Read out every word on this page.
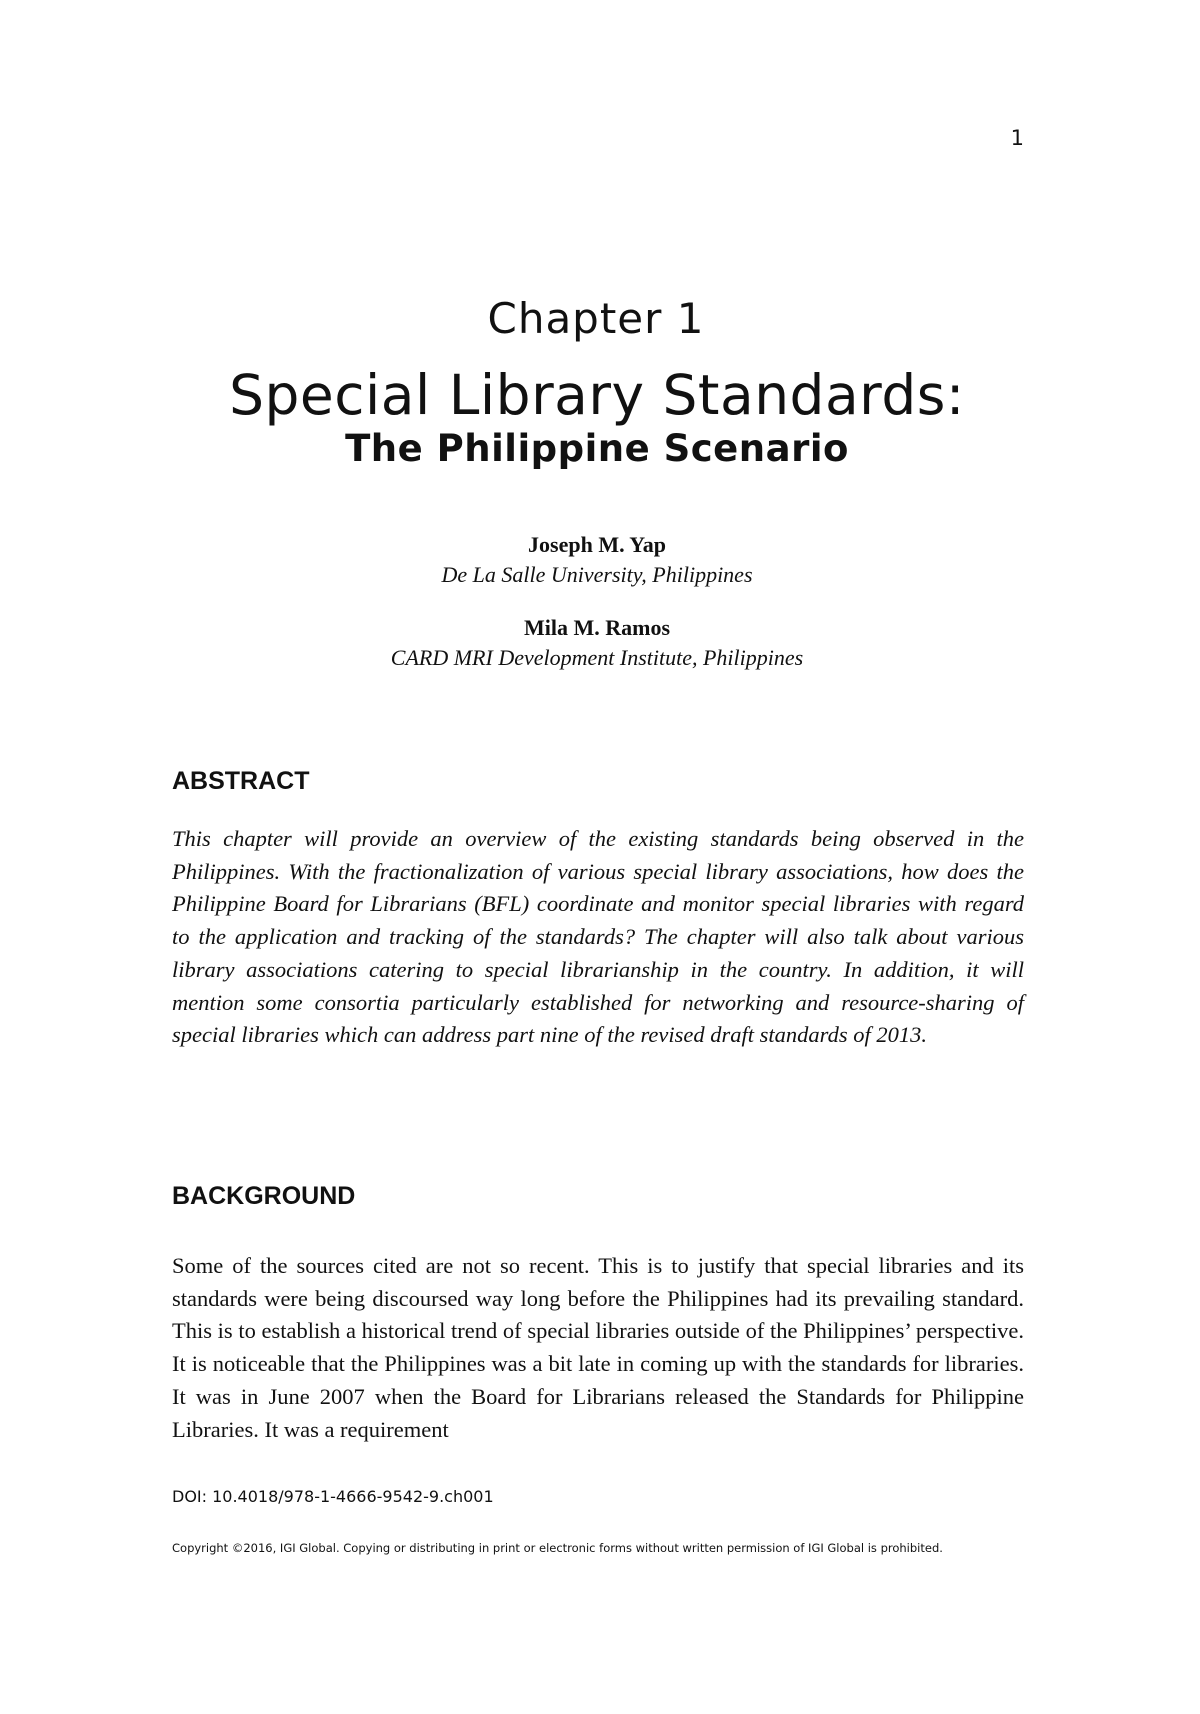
1
Chapter 1
Special Library Standards:
The Philippine Scenario
Joseph M. Yap
De La Salle University, Philippines
Mila M. Ramos
CARD MRI Development Institute, Philippines
ABSTRACT
This chapter will provide an overview of the existing standards being observed in the Philippines. With the fractionalization of various special library associations, how does the Philippine Board for Librarians (BFL) coordinate and monitor special libraries with regard to the application and tracking of the standards? The chapter will also talk about various library associations catering to special librarianship in the country. In addition, it will mention some consortia particularly established for networking and resource-sharing of special libraries which can address part nine of the revised draft standards of 2013.
BACKGROUND
Some of the sources cited are not so recent. This is to justify that special libraries and its standards were being discoursed way long before the Philippines had its prevailing standard. This is to establish a historical trend of special libraries outside of the Philippines’ perspective. It is noticeable that the Philippines was a bit late in coming up with the standards for libraries. It was in June 2007 when the Board for Librarians released the Standards for Philippine Libraries. It was a requirement
DOI: 10.4018/978-1-4666-9542-9.ch001
Copyright ©2016, IGI Global. Copying or distributing in print or electronic forms without written permission of IGI Global is prohibited.
